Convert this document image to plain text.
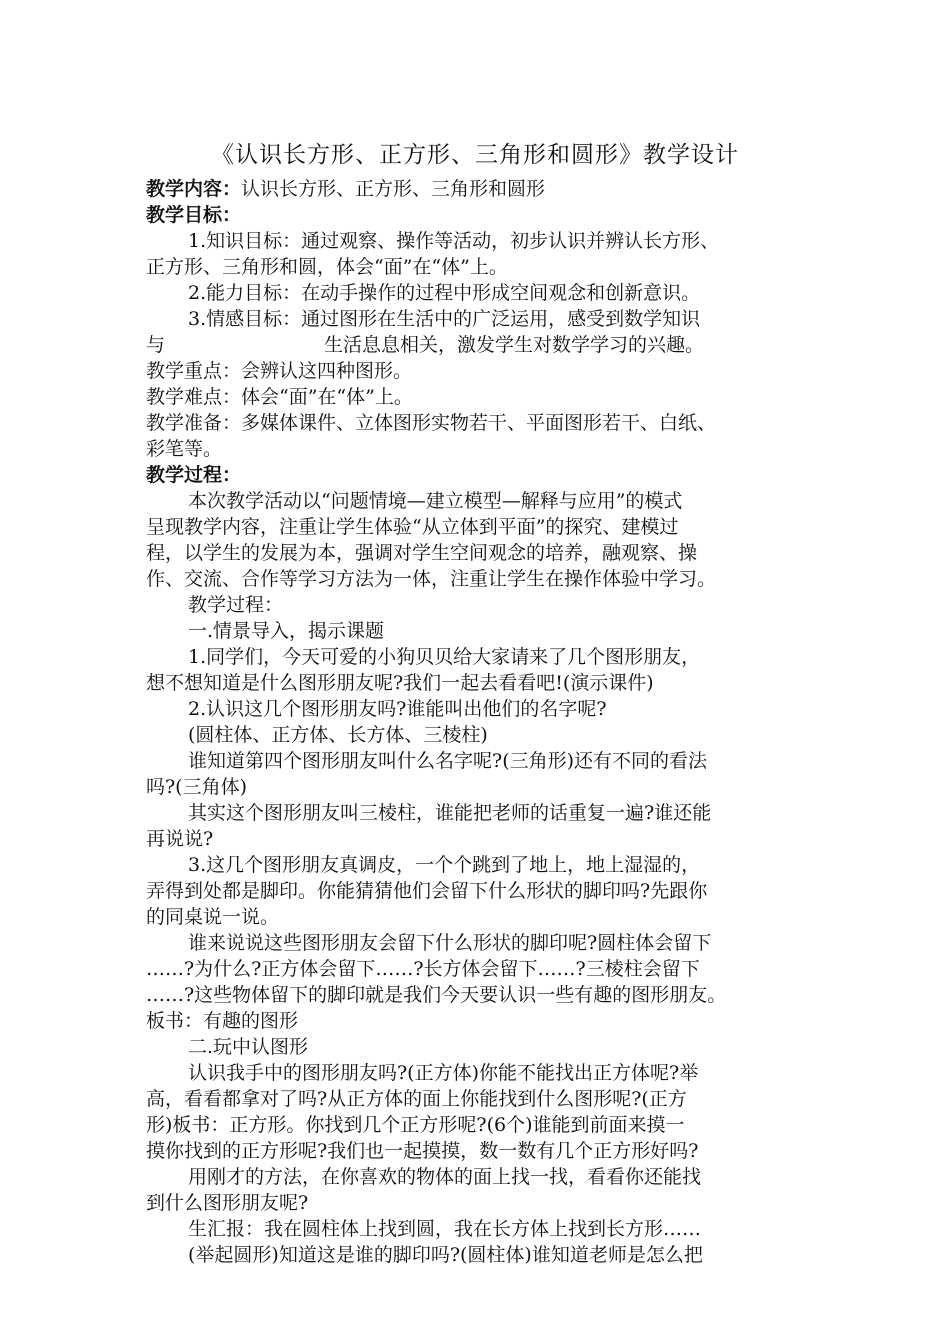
《认识长方形、正方形、三角形和圆形》教学设计
教学内容：认识长方形、正方形、三角形和圆形
教学目标：
1.知识目标：通过观察、操作等活动，初步认识并辨认长方形、
正方形、三角形和圆，体会“面”在“体”上。
2.能力目标：在动手操作的过程中形成空间观念和创新意识。
3.情感目标：通过图形在生活中的广泛运用，感受到数学知识
与	生活息息相关，激发学生对数学学习的兴趣。
教学重点：会辨认这四种图形。
教学难点：体会“面”在“体”上。
教学准备：多媒体课件、立体图形实物若干、平面图形若干、白纸、
彩笔等。
教学过程：
本次教学活动以“问题情境—建立模型—解释与应用”的模式
呈现教学内容，注重让学生体验“从立体到平面”的探究、建模过
程，以学生的发展为本，强调对学生空间观念的培养，融观察、操
作、交流、合作等学习方法为一体，注重让学生在操作体验中学习。
教学过程：
一.情景导入，揭示课题
1.同学们，今天可爱的小狗贝贝给大家请来了几个图形朋友，
想不想知道是什么图形朋友呢?我们一起去看看吧!(演示课件)
2.认识这几个图形朋友吗?谁能叫出他们的名字呢?
(圆柱体、正方体、长方体、三棱柱)
谁知道第四个图形朋友叫什么名字呢?(三角形)还有不同的看法
吗?(三角体)
其实这个图形朋友叫三棱柱，谁能把老师的话重复一遍?谁还能
再说说?
3.这几个图形朋友真调皮，一个个跳到了地上，地上湿湿的，
弄得到处都是脚印。你能猜猜他们会留下什么形状的脚印吗?先跟你
的同桌说一说。
谁来说说这些图形朋友会留下什么形状的脚印呢?圆柱体会留下
……?为什么?正方体会留下……?长方体会留下……?三棱柱会留下
……?这些物体留下的脚印就是我们今天要认识一些有趣的图形朋友。
板书：有趣的图形
二.玩中认图形
认识我手中的图形朋友吗?(正方体)你能不能找出正方体呢?举
高，看看都拿对了吗?从正方体的面上你能找到什么图形呢?(正方
形)板书：正方形。你找到几个正方形呢?(6个)谁能到前面来摸一
摸你找到的正方形呢?我们也一起摸摸，数一数有几个正方形好吗?
用刚才的方法，在你喜欢的物体的面上找一找，看看你还能找
到什么图形朋友呢?
生汇报：我在圆柱体上找到圆，我在长方体上找到长方形……
(举起圆形)知道这是谁的脚印吗?(圆柱体)谁知道老师是怎么把
